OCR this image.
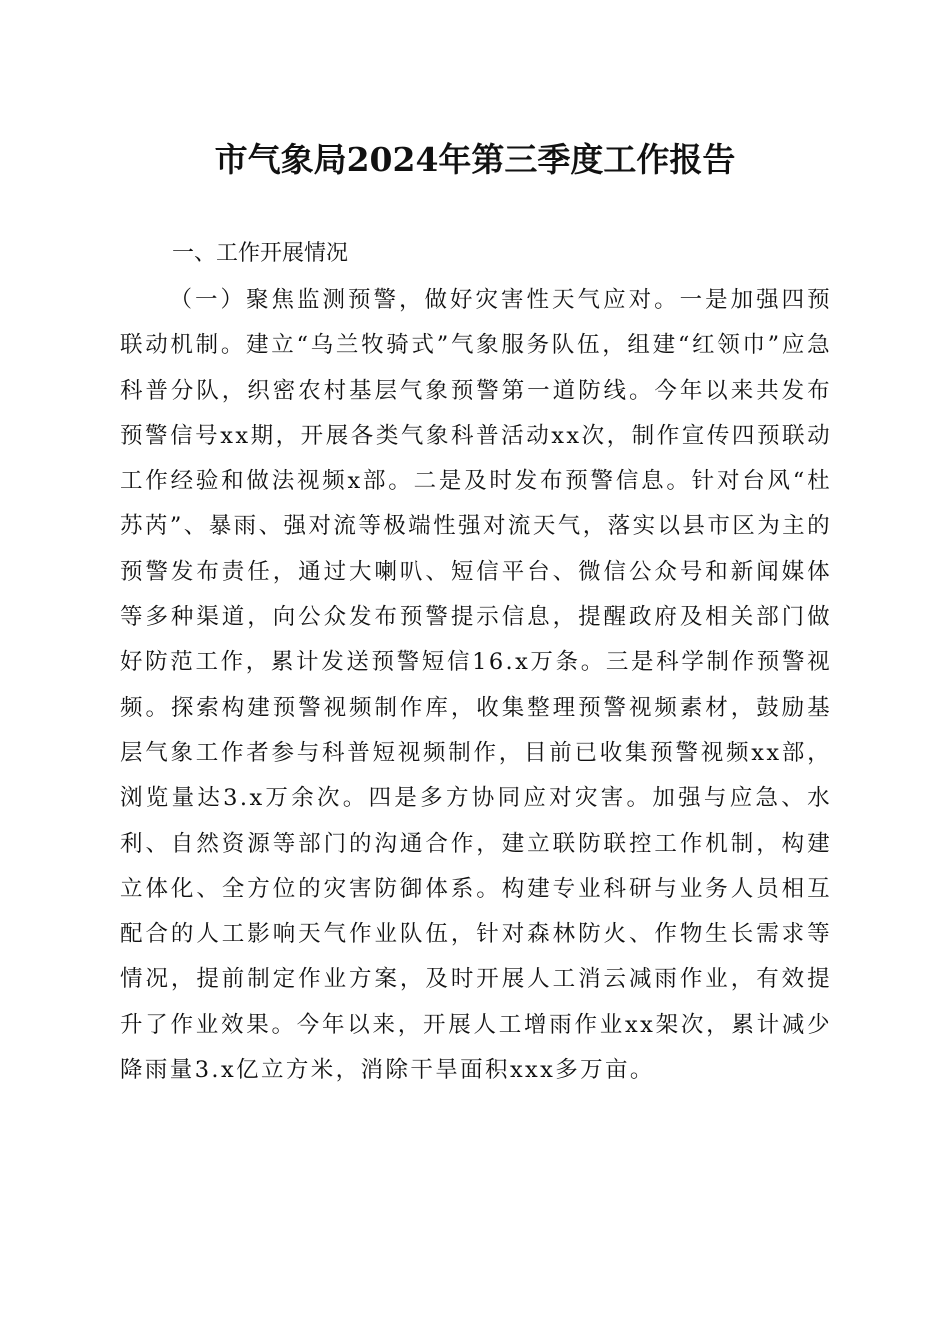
市气象局2024年第三季度工作报告
一、工作开展情况
（一）聚焦监测预警，做好灾害性天气应对。一是加强四预联动机制。建立“乌兰牧骑式”气象服务队伍，组建“红领巾”应急科普分队，织密农村基层气象预警第一道防线。今年以来共发布预警信号xx期，开展各类气象科普活动xx次，制作宣传四预联动工作经验和做法视频x部。二是及时发布预警信息。针对台风“杜苏芮”、暴雨、强对流等极端性强对流天气，落实以县市区为主的预警发布责任，通过大喇叭、短信平台、微信公众号和新闻媒体等多种渠道，向公众发布预警提示信息，提醒政府及相关部门做好防范工作，累计发送预警短信16.x万条。三是科学制作预警视频。探索构建预警视频制作库，收集整理预警视频素材，鼓励基层气象工作者参与科普短视频制作，目前已收集预警视频xx部，浏览量达3.x万余次。四是多方协同应对灾害。加强与应急、水利、自然资源等部门的沟通合作，建立联防联控工作机制，构建立体化、全方位的灾害防御体系。构建专业科研与业务人员相互配合的人工影响天气作业队伍，针对森林防火、作物生长需求等情况，提前制定作业方案，及时开展人工消云减雨作业，有效提升了作业效果。今年以来，开展人工增雨作业xx架次，累计减少降雨量3.x亿立方米，消除干旱面积xxx多万亩。
